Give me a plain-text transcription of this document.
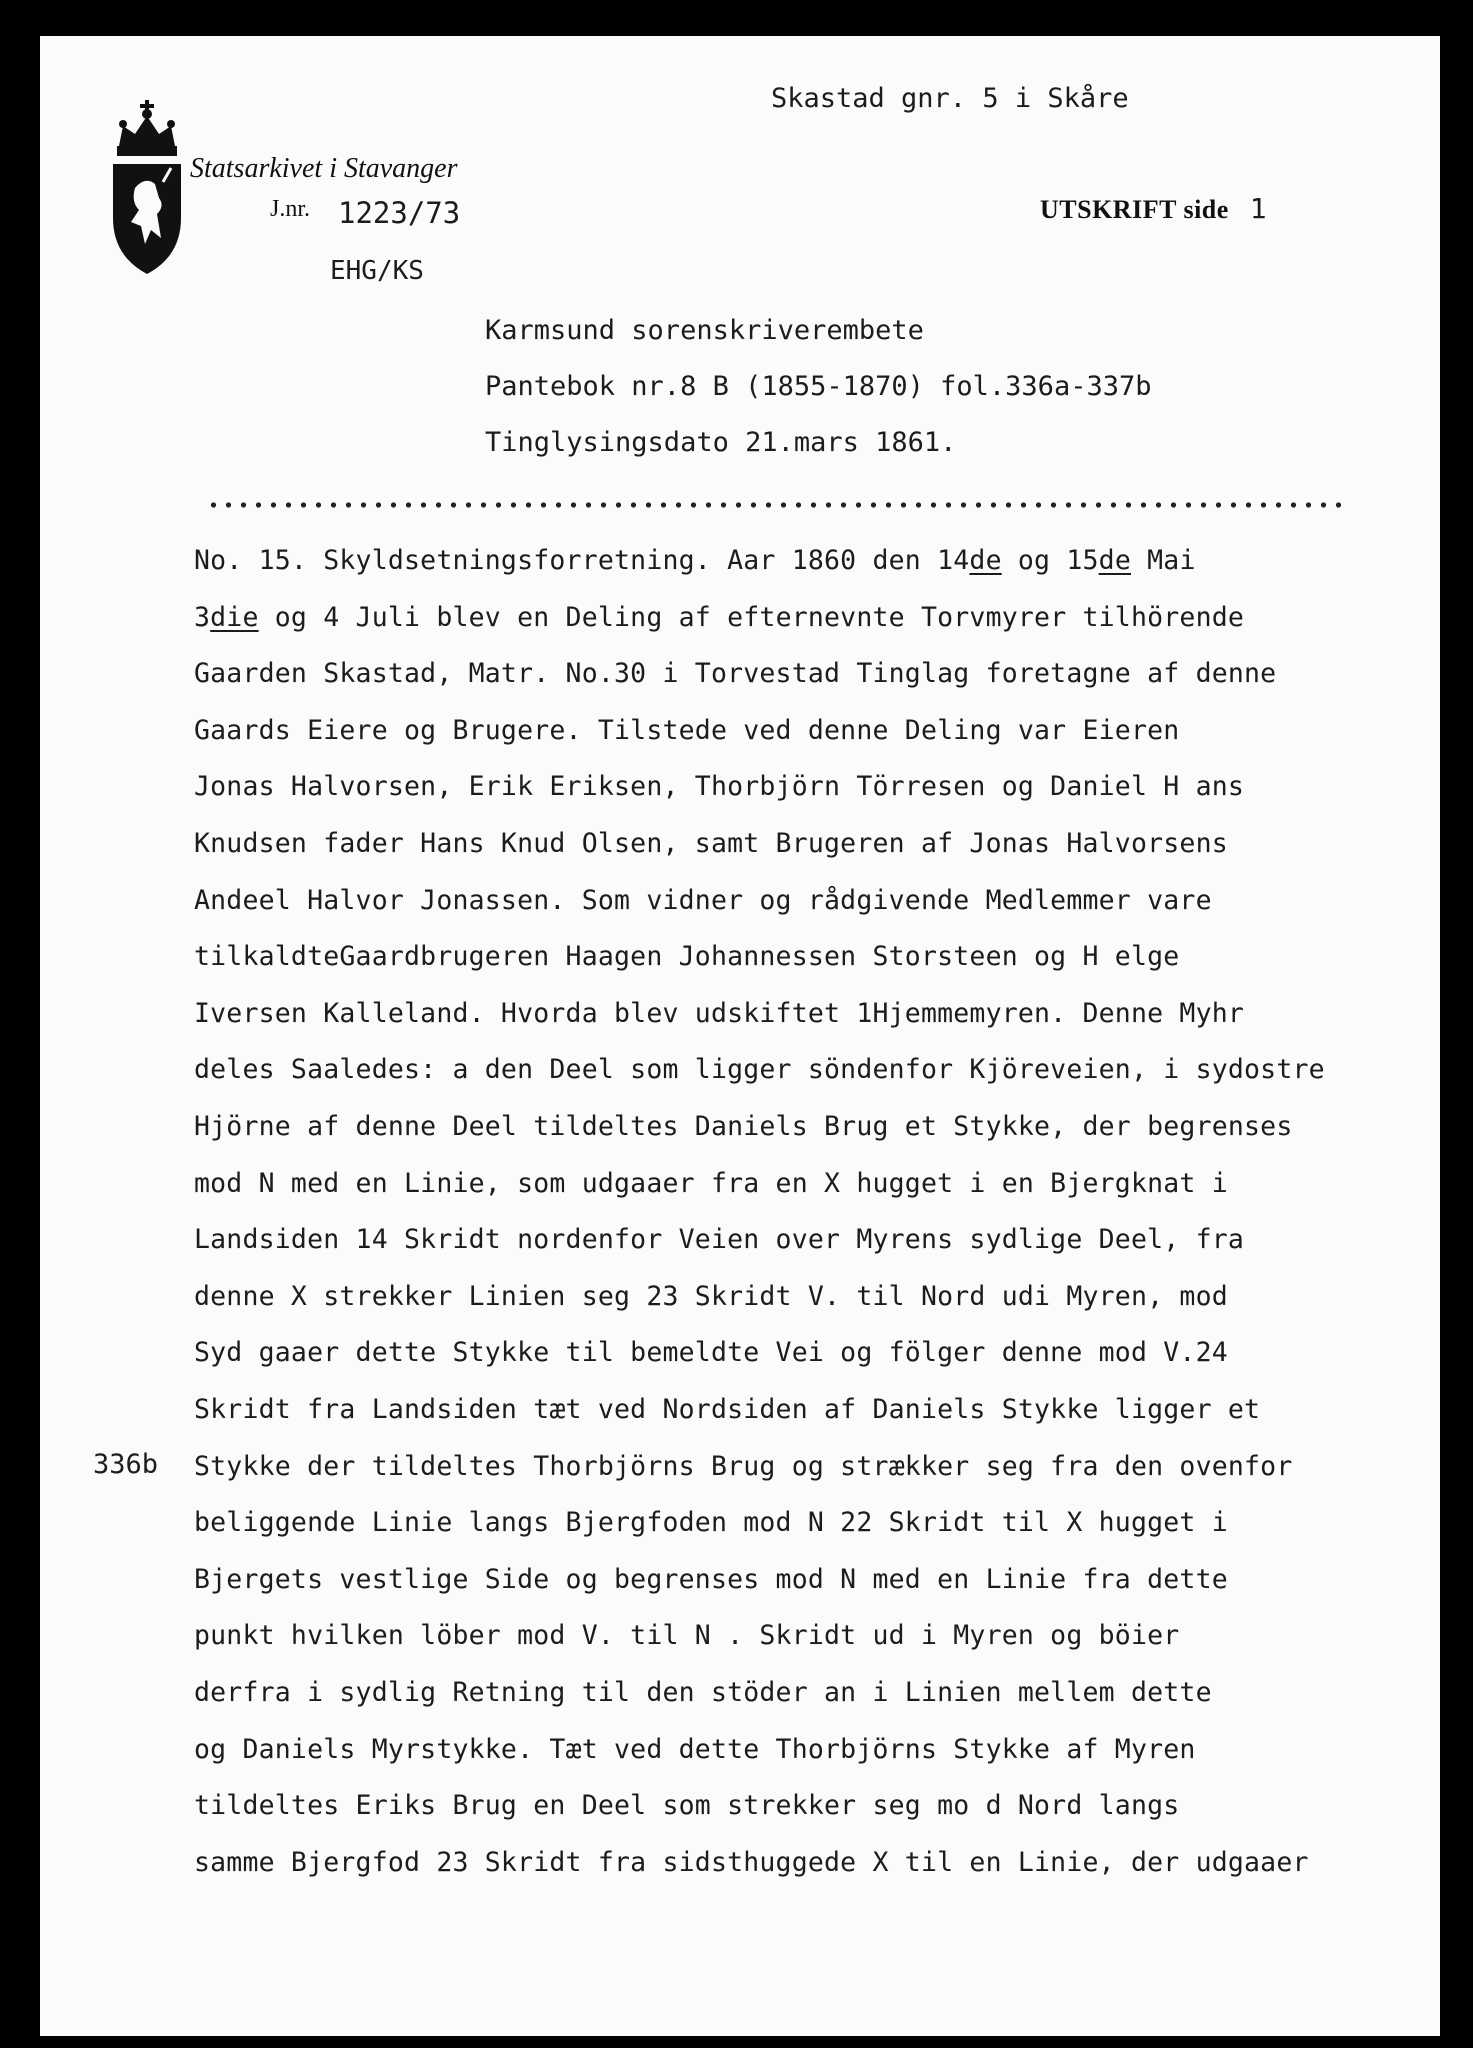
Statsarkivet i Stavanger
J.nr. 1223/73
EHG/KS
Skastad gnr. 5 i Skåre
UTSKRIFT side 1
Karmsund sorenskriverembete
Pantebok nr.8 B (1855-1870) fol.336a-337b
Tinglysingsdato 21.mars 1861.
336b
No. 15. Skyldsetningsforretning. Aar 1860 den 14de og 15de Mai
3die og 4 Juli blev en Deling af efternevnte Torvmyrer tilhörende
Gaarden Skastad, Matr. No.30 i Torvestad Tinglag foretagne af denne
Gaards Eiere og Brugere. Tilstede ved denne Deling var Eieren
Jonas Halvorsen, Erik Eriksen, Thorbjörn Törresen og Daniel H ans
Knudsen fader Hans Knud Olsen, samt Brugeren af Jonas Halvorsens
Andeel Halvor Jonassen. Som vidner og rådgivende Medlemmer vare
tilkaldteGaardbrugeren Haagen Johannessen Storsteen og H elge
Iversen Kalleland. Hvorda blev udskiftet 1Hjemmemyren. Denne Myhr
deles Saaledes: a den Deel som ligger söndenfor Kjöreveien, i sydostre
Hjörne af denne Deel tildeltes Daniels Brug et Stykke, der begrenses
mod N med en Linie, som udgaaer fra en X hugget i en Bjergknat i
Landsiden 14 Skridt nordenfor Veien over Myrens sydlige Deel, fra
denne X strekker Linien seg 23 Skridt V. til Nord udi Myren, mod
Syd gaaer dette Stykke til bemeldte Vei og fölger denne mod V.24
Skridt fra Landsiden tæt ved Nordsiden af Daniels Stykke ligger et
Stykke der tildeltes Thorbjörns Brug og strækker seg fra den ovenfor
beliggende Linie langs Bjergfoden mod N 22 Skridt til X hugget i
Bjergets vestlige Side og begrenses mod N med en Linie fra dette
punkt hvilken löber mod V. til N . Skridt ud i Myren og böier
derfra i sydlig Retning til den stöder an i Linien mellem dette
og Daniels Myrstykke. Tæt ved dette Thorbjörns Stykke af Myren
tildeltes Eriks Brug en Deel som strekker seg mo d Nord langs
samme Bjergfod 23 Skridt fra sidsthuggede X til en Linie, der udgaaer
